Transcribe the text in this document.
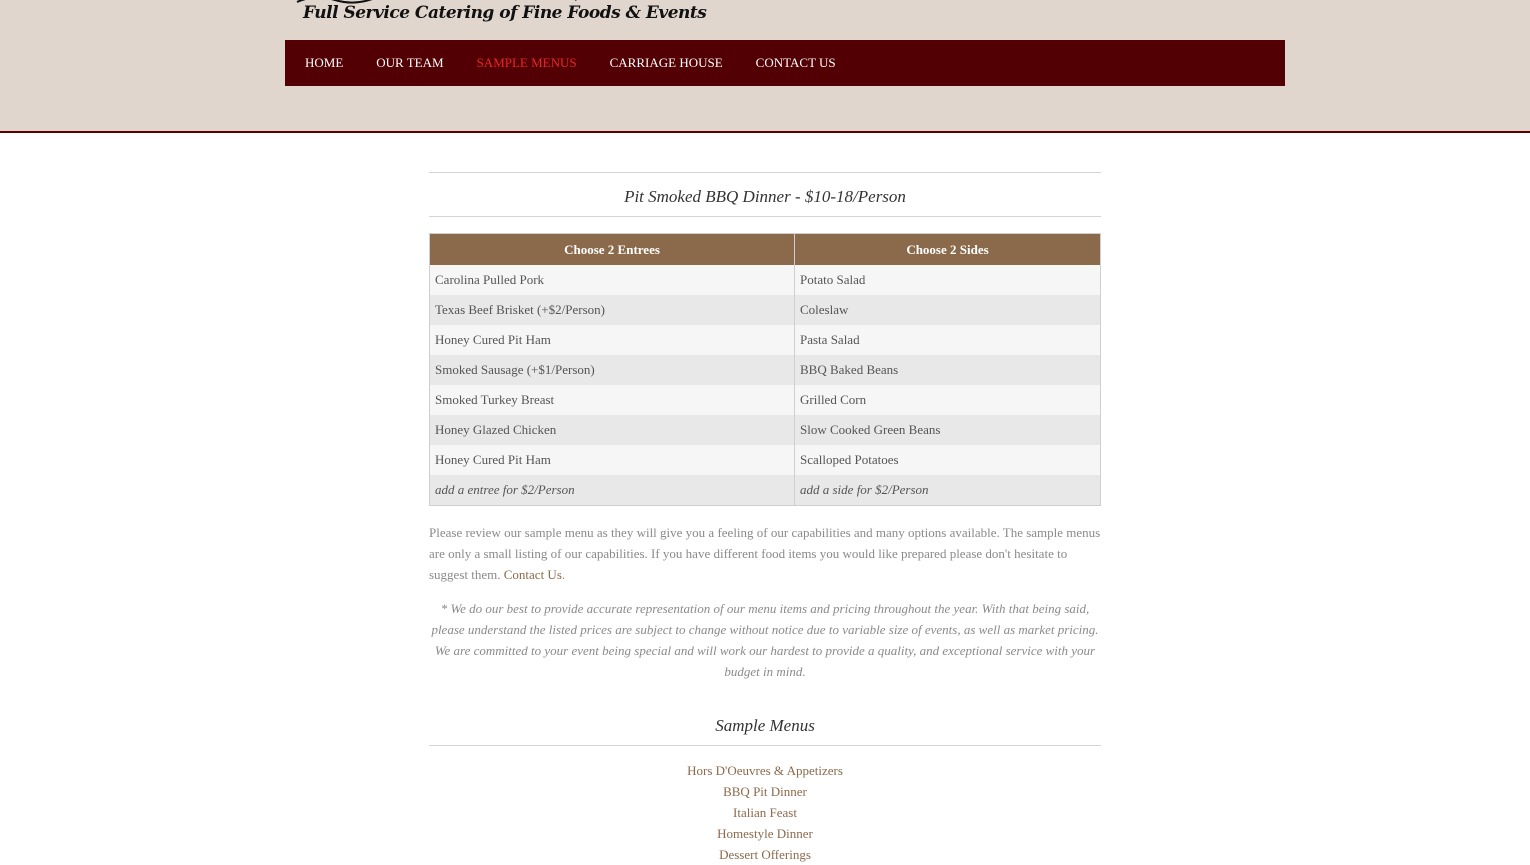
Full Service Catering of Fine Foods & Events
HOME	OUR TEAM	SAMPLE MENUS	CARRIAGE HOUSE	CONTACT US
Pit Smoked BBQ Dinner - $10-18/Person
Choose 2 Entrees	Choose 2 Sides
Carolina Pulled Pork	Potato Salad
Texas Beef Brisket (+$2/Person)	Coleslaw
Honey Cured Pit Ham	Pasta Salad
Smoked Sausage (+$1/Person)	BBQ Baked Beans
Smoked Turkey Breast	Grilled Corn
Honey Glazed Chicken	Slow Cooked Green Beans
Honey Cured Pit Ham	Scalloped Potatoes
add a entree for $2/Person	add a side for $2/Person

Please review our sample menu as they will give you a feeling of our capabilities and many options available. The sample menus are only a small listing of our capabilities. If you have different food items you would like prepared please don't hesitate to suggest them. Contact Us.

* We do our best to provide accurate representation of our menu items and pricing throughout the year. With that being said, please understand the listed prices are subject to change without notice due to variable size of events, as well as market pricing. We are committed to your event being special and will work our hardest to provide a quality, and exceptional service with your budget in mind.

Sample Menus
Hors D'Oeuvres & Appetizers
BBQ Pit Dinner
Italian Feast
Homestyle Dinner
Dessert Offerings
